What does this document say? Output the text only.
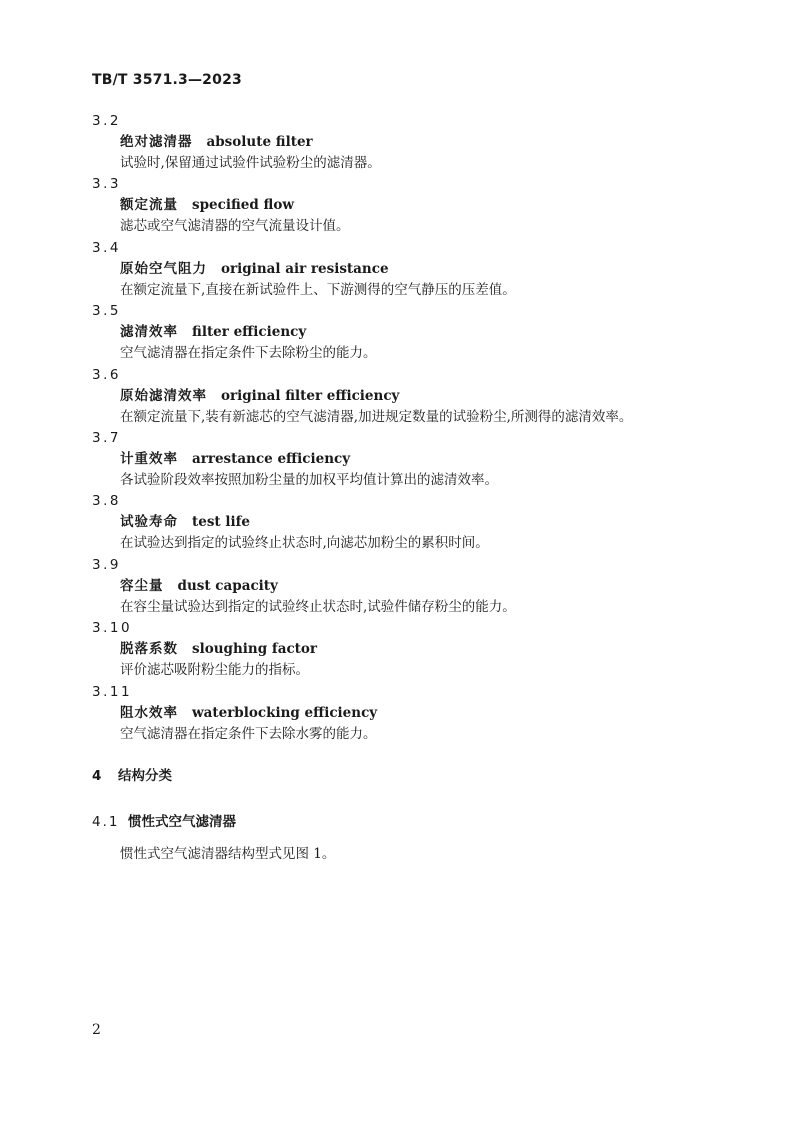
TB/T 3571.3—2023
3.2
绝对滤清器 absolute filter
试验时,保留通过试验件试验粉尘的滤清器。
3.3
额定流量 specified flow
滤芯或空气滤清器的空气流量设计值。
3.4
原始空气阻力 original air resistance
在额定流量下,直接在新试验件上、下游测得的空气静压的压差值。
3.5
滤清效率 filter efficiency
空气滤清器在指定条件下去除粉尘的能力。
3.6
原始滤清效率 original filter efficiency
在额定流量下,装有新滤芯的空气滤清器,加进规定数量的试验粉尘,所测得的滤清效率。
3.7
计重效率 arrestance efficiency
各试验阶段效率按照加粉尘量的加权平均值计算出的滤清效率。
3.8
试验寿命 test life
在试验达到指定的试验终止状态时,向滤芯加粉尘的累积时间。
3.9
容尘量 dust capacity
在容尘量试验达到指定的试验终止状态时,试验件储存粉尘的能力。
3.10
脱落系数 sloughing factor
评价滤芯吸附粉尘能力的指标。
3.11
阻水效率 waterblocking efficiency
空气滤清器在指定条件下去除水雾的能力。
4 结构分类
4.1 惯性式空气滤清器
惯性式空气滤清器结构型式见图 1。
2
